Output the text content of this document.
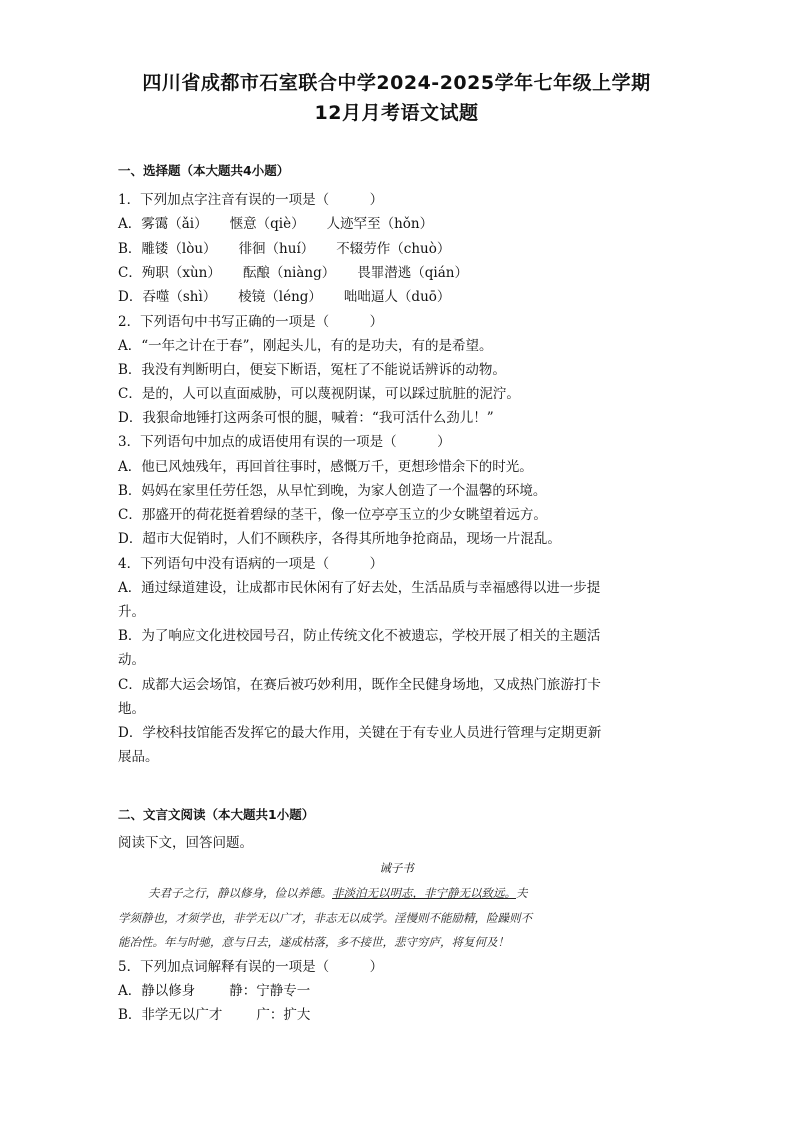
四川省成都市石室联合中学2024-2025学年七年级上学期
12月月考语文试题
一、选择题（本大题共4小题）
1．下列加点字注音有误的一项是（　　　）
A．雾霭（ǎi） 惬意（qiè） 人迹罕至（hǒn）
B．雕镂（lòu） 徘徊（huí） 不辍劳作（chuò）
C．殉职（xùn） 酝酿（niàng） 畏罪潜逃（qián）
D．吞噬（shì） 棱镜（léng） 咄咄逼人（duō）
2．下列语句中书写正确的一项是（　　　）
A．“一年之计在于春”，刚起头儿，有的是功夫，有的是希望。
B．我没有判断明白，便妄下断语，冤枉了不能说话辨诉的动物。
C．是的，人可以直面威胁，可以蔑视阴谋，可以踩过肮脏的泥泞。
D．我狠命地锤打这两条可恨的腿，喊着：“我可活什么劲儿！”
3．下列语句中加点的成语使用有误的一项是（　　　）
A．他已风烛残年，再回首往事时，感慨万千，更想珍惜余下的时光。
B．妈妈在家里任劳任怨，从早忙到晚，为家人创造了一个温馨的环境。
C．那盛开的荷花挺着碧绿的茎干，像一位亭亭玉立的少女眺望着远方。
D．超市大促销时，人们不顾秩序，各得其所地争抢商品，现场一片混乱。
4．下列语句中没有语病的一项是（　　　）
A．通过绿道建设，让成都市民休闲有了好去处，生活品质与幸福感得以进一步提
升。
B．为了响应文化进校园号召，防止传统文化不被遗忘，学校开展了相关的主题活
动。
C．成都大运会场馆，在赛后被巧妙利用，既作全民健身场地，又成热门旅游打卡
地。
D．学校科技馆能否发挥它的最大作用，关键在于有专业人员进行管理与定期更新
展品。
二、文言文阅读（本大题共1小题）
阅读下文，回答问题。
诫子书
夫君子之行，静以修身，俭以养德。非淡泊无以明志，非宁静无以致远。夫
学须静也，才须学也，非学无以广才，非志无以成学。淫慢则不能励精，险躁则不
能冶性。年与时驰，意与日去，遂成枯落，多不接世，悲守穷庐，将复何及！
5．下列加点词解释有误的一项是（　　　）
A．静以修身	静：宁静专一
B．非学无以广才	广：扩大
